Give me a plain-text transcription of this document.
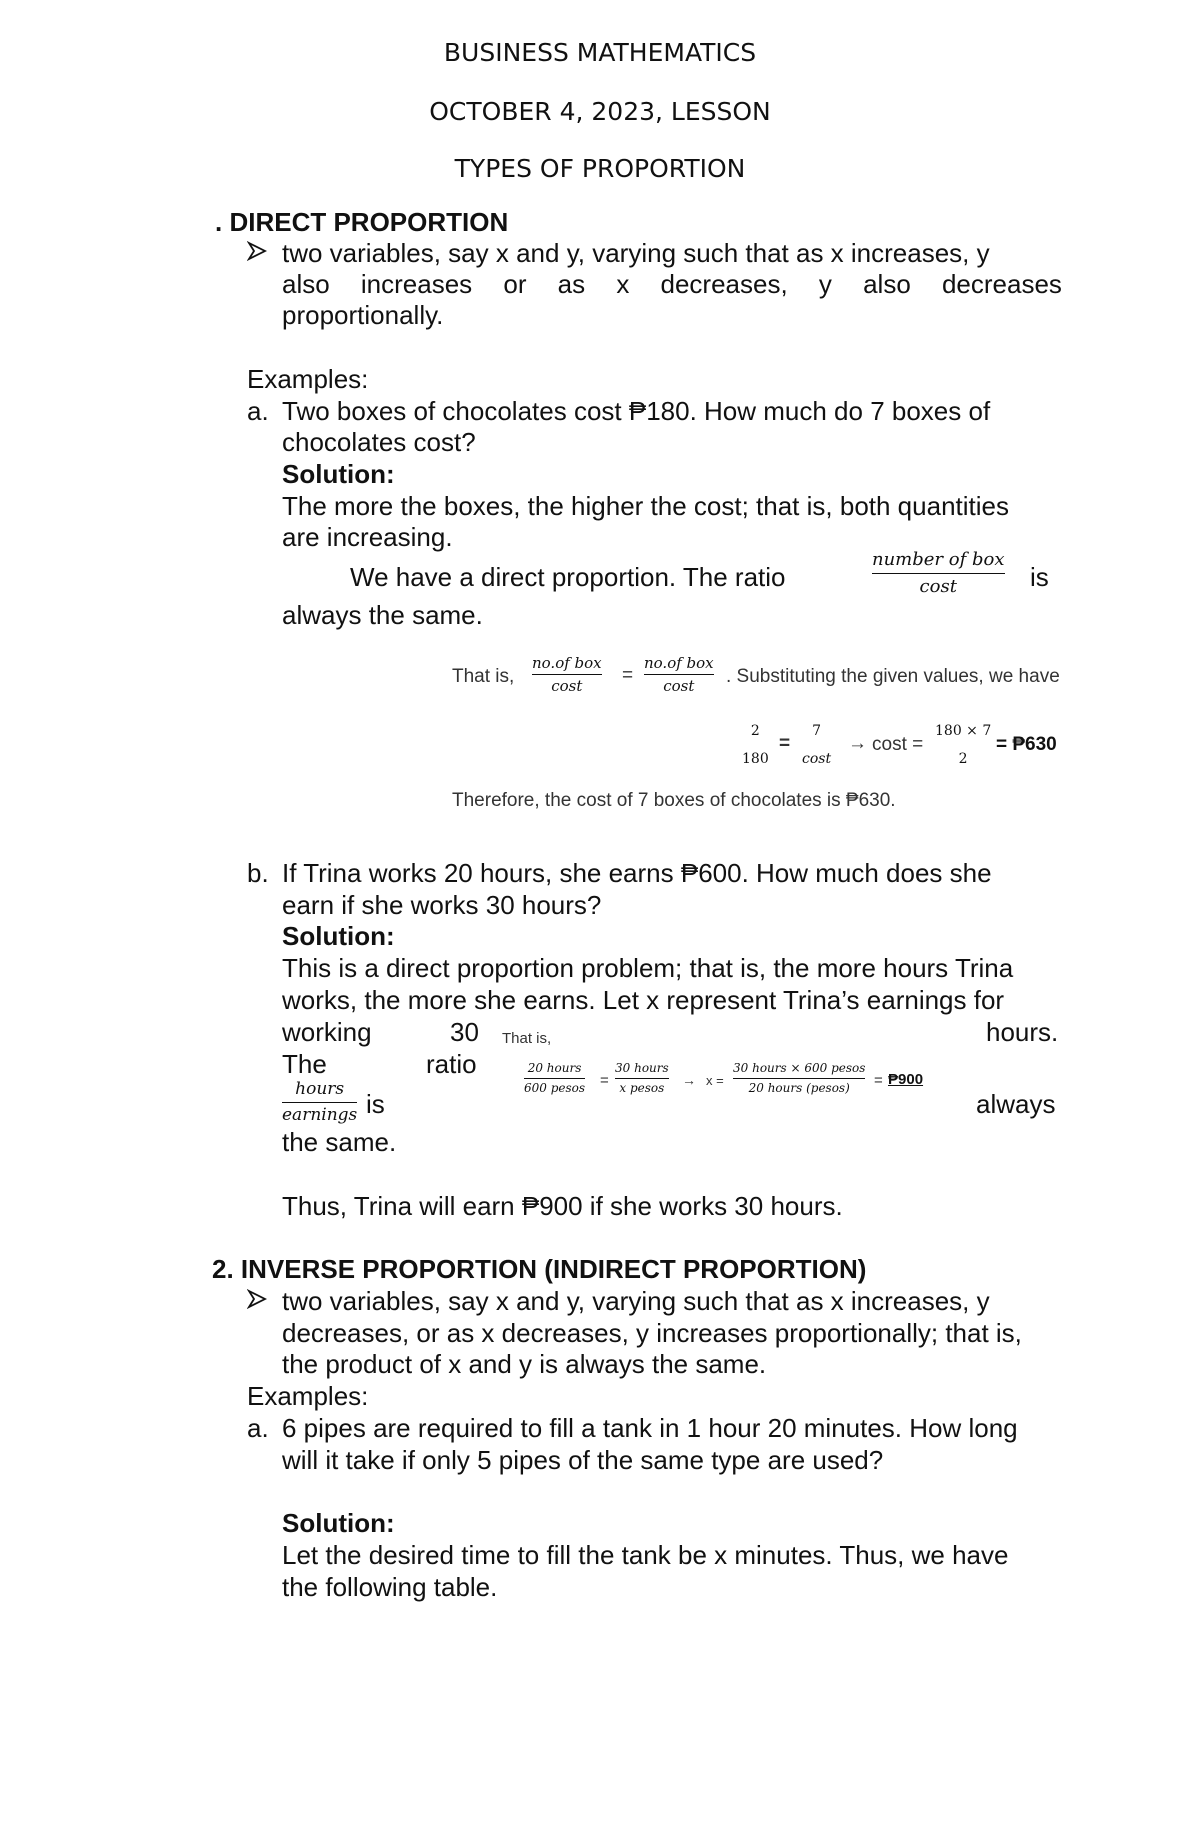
BUSINESS MATHEMATICS
OCTOBER 4, 2023, LESSON
TYPES OF PROPORTION
. DIRECT PROPORTION
two variables, say x and y, varying such that as x increases, y
also increases or as x decreases, y also decreases
proportionally.
Examples:
a. Two boxes of chocolates cost ₱180. How much do 7 boxes of
chocolates cost?
Solution:
The more the boxes, the higher the cost; that is, both quantities
are increasing.
We have a direct proportion. The ratio
number of box
cost	is
always the same.
That is,
no.of box
cost
=
no.of box
cost . Substituting the given values, we have
2
180
=
7
cost
→ cost =
180 × 7
2
= ₱630
Therefore, the cost of 7 boxes of chocolates is ₱630.
b. If Trina works 20 hours, she earns ₱600. How much does she
earn if she works 30 hours?
Solution:
This is a direct proportion problem; that is, the more hours Trina
works, the more she earns. Let x represent Trina’s earnings for
working	30	hours.
The	ratio
hours
earnings is	always
the same.
That is,
20 hours
600 pesos =
30 hours
x pesos → x =
30 hours × 600 pesos
20 hours (pesos) = ₱900
Thus, Trina will earn ₱900 if she works 30 hours.
2. INVERSE PROPORTION (INDIRECT PROPORTION)
two variables, say x and y, varying such that as x increases, y
decreases, or as x decreases, y increases proportionally; that is,
the product of x and y is always the same.
Examples:
a. 6 pipes are required to fill a tank in 1 hour 20 minutes. How long
will it take if only 5 pipes of the same type are used?
Solution:
Let the desired time to fill the tank be x minutes. Thus, we have
the following table.
